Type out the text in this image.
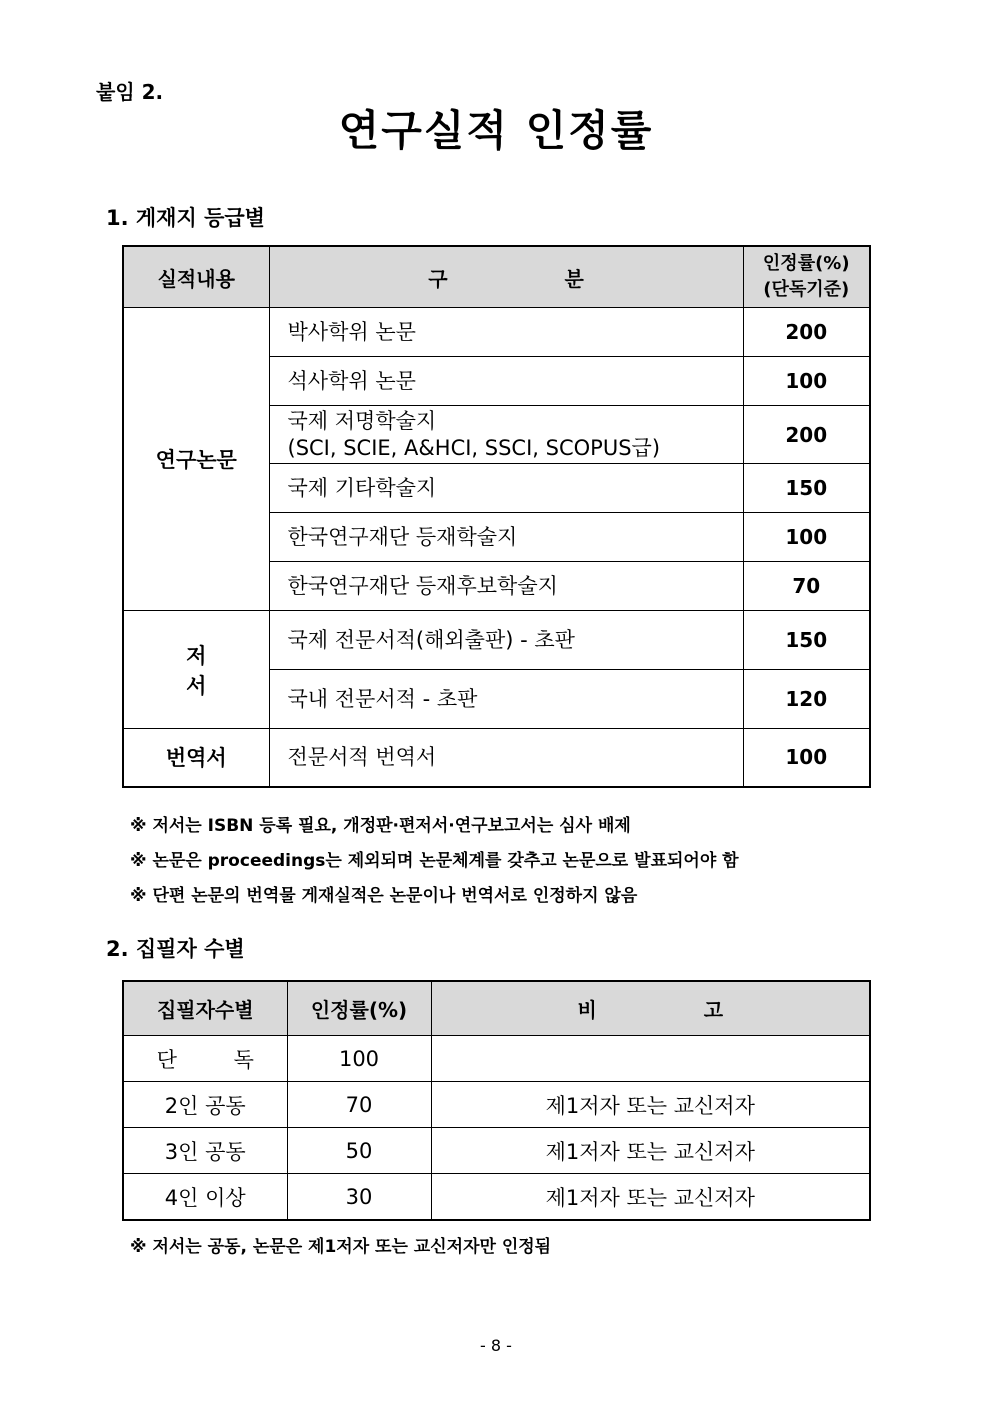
붙임 2.
연구실적 인정률
1. 게재지 등급별
실적내용	구 분	인정률(%)
(단독기준)

연구논문	박사학위 논문	200
	석사학위 논문	100

	국제 저명학술지
(SCI, SCIE, A&HCI, SSCI, SCOPUS급)	200
	국제 기타학술지	150
	한국연구재단 등재학술지	100
	한국연구재단 등재후보학술지	70
저서	국제 전문서적(해외출판) - 초판	150
	국내 전문서적 - 초판	120
번역서	전문서적 번역서	100
※ 저서는 ISBN 등록 필요, 개정판·편저서·연구보고서는 심사 배제
※ 논문은 proceedings는 제외되며 논문체계를 갖추고 논문으로 발표되어야 함
※ 단편 논문의 번역물 게재실적은 논문이나 번역서로 인정하지 않음
2. 집필자 수별
집필자수별	인정률(%)	비 고
단 독	100	
2인 공동	70	제1저자 또는 교신저자
3인 공동	50	제1저자 또는 교신저자
4인 이상	30	제1저자 또는 교신저자
※ 저서는 공동, 논문은 제1저자 또는 교신저자만 인정됨
- 8 -
